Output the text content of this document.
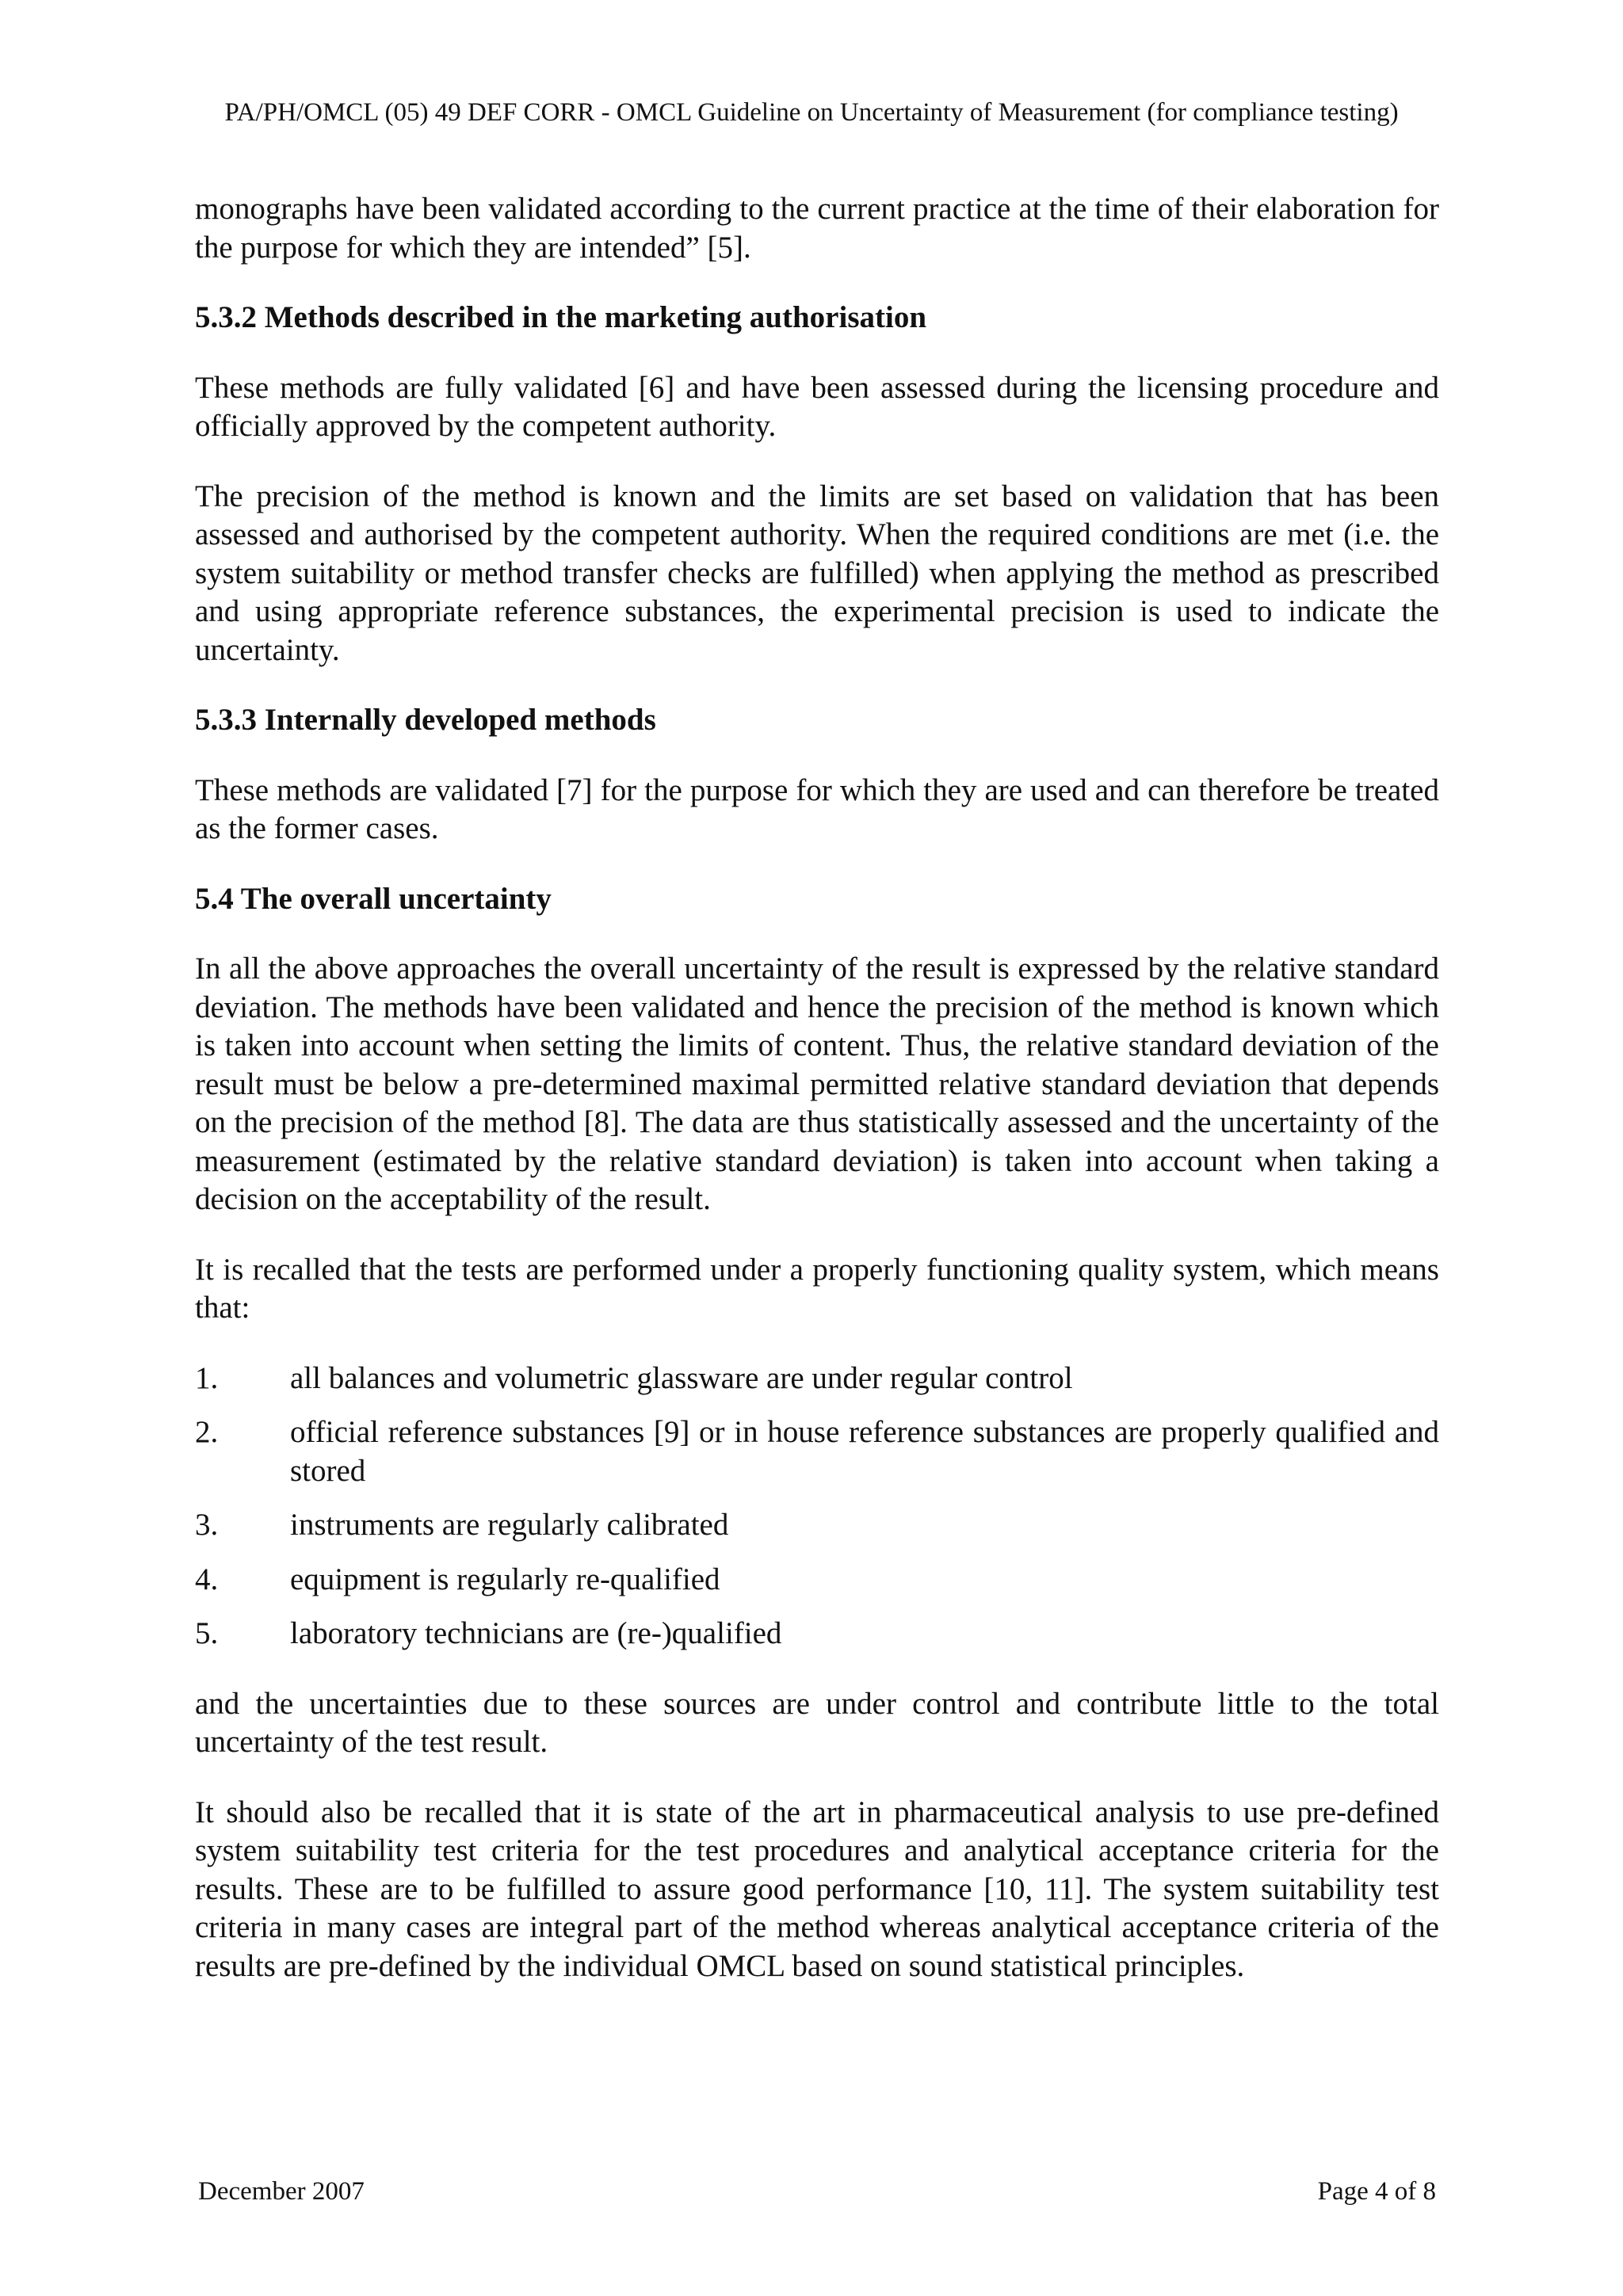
PA/PH/OMCL (05) 49 DEF CORR - OMCL Guideline on Uncertainty of Measurement (for compliance testing)

monographs have been validated according to the current practice at the time of their elaboration for the purpose for which they are intended” [5].

5.3.2 Methods described in the marketing authorisation

These methods are fully validated [6] and have been assessed during the licensing procedure and officially approved by the competent authority.

The precision of the method is known and the limits are set based on validation that has been assessed and authorised by the competent authority. When the required conditions are met (i.e. the system suitability or method transfer checks are fulfilled) when applying the method as prescribed and using appropriate reference substances, the experimental precision is used to indicate the uncertainty.

5.3.3 Internally developed methods

These methods are validated [7] for the purpose for which they are used and can therefore be treated as the former cases.

5.4 The overall uncertainty

In all the above approaches the overall uncertainty of the result is expressed by the relative standard deviation. The methods have been validated and hence the precision of the method is known which is taken into account when setting the limits of content. Thus, the relative standard deviation of the result must be below a pre-determined maximal permitted relative standard deviation that depends on the precision of the method [8]. The data are thus statistically assessed and the uncertainty of the measurement (estimated by the relative standard deviation) is taken into account when taking a decision on the acceptability of the result.

It is recalled that the tests are performed under a properly functioning quality system, which means that:

1.	all balances and volumetric glassware are under regular control
2.	official reference substances [9] or in house reference substances are properly qualified and stored
3.	instruments are regularly calibrated
4.	equipment is regularly re-qualified
5.	laboratory technicians are (re-)qualified

and the uncertainties due to these sources are under control and contribute little to the total uncertainty of the test result.

It should also be recalled that it is state of the art in pharmaceutical analysis to use pre-defined system suitability test criteria for the test procedures and analytical acceptance criteria for the results. These are to be fulfilled to assure good performance [10, 11]. The system suitability test criteria in many cases are integral part of the method whereas analytical acceptance criteria of the results are pre-defined by the individual OMCL based on sound statistical principles.

December 2007	Page 4 of 8
